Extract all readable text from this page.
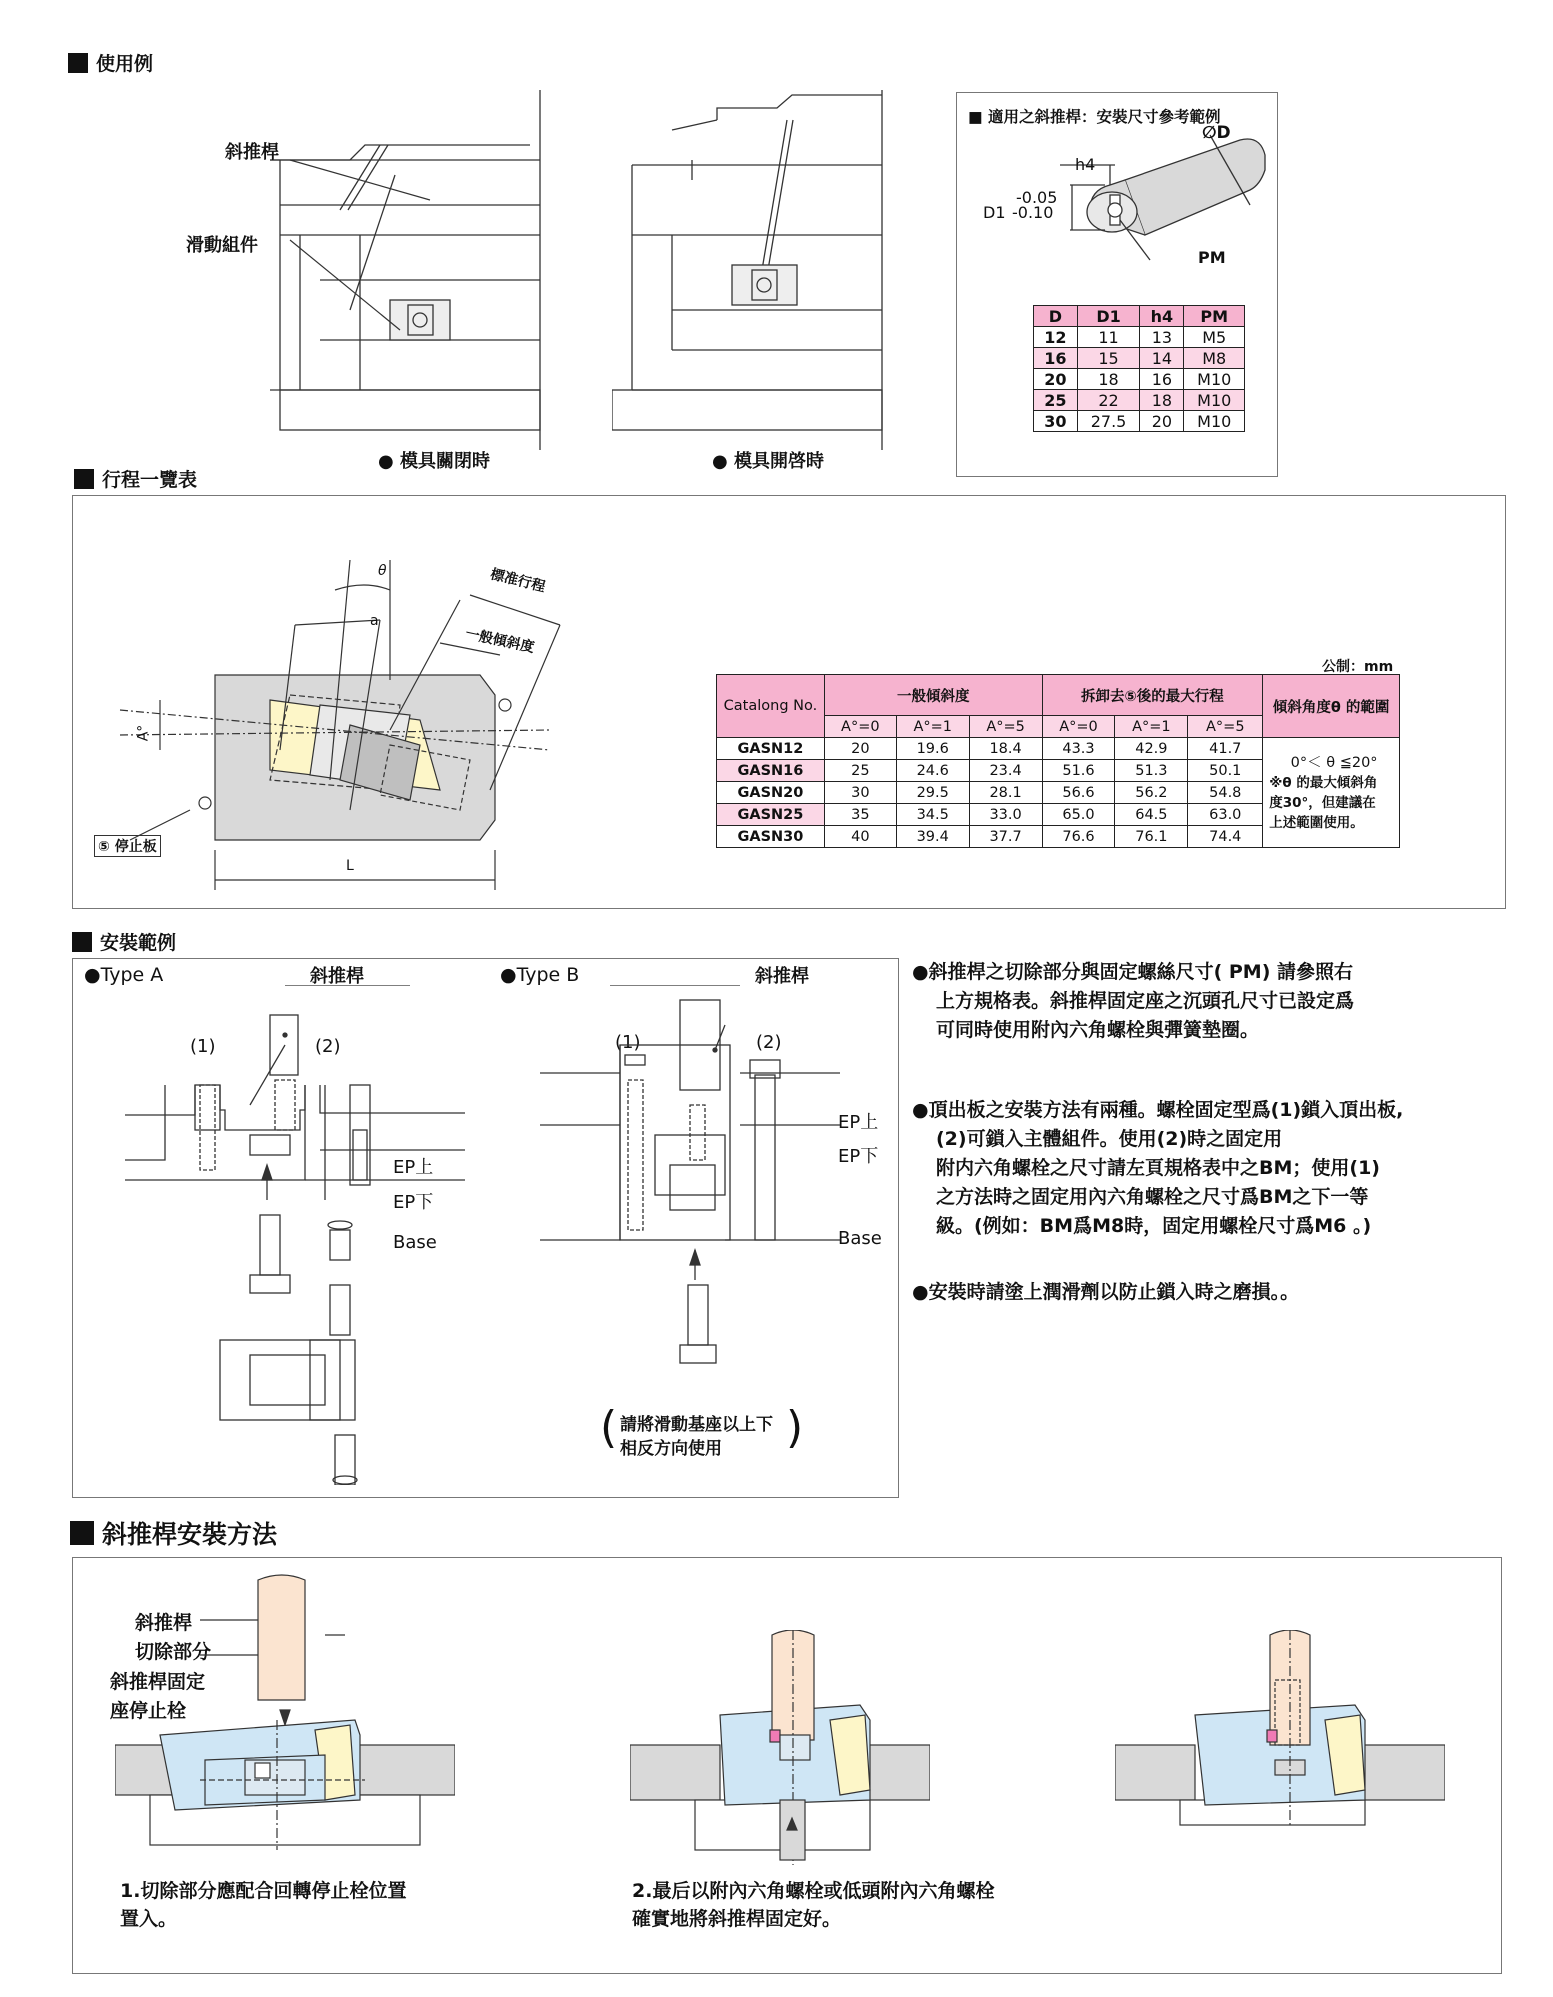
使用例
斜推桿
滑動組件
● 模具關閉時	● 模具開啓時
■ 適用之斜推桿：安裝尺寸參考範例
∅D
h4
-0.05
D1 -0.10
PM
D	D1	h4	PM
12	11	13	M5
16	15	14	M8
20	18	16	M10
25	22	18	M10
30	27.5	20	M10
行程一覽表
θ	標准行程
a
一般傾斜度
A°
⑤ 停止板
L
公制：mm
Catalong No.	一般傾斜度			拆卸去⑤後的最大行程			傾斜角度θ 的範圍
	A°=0	A°=1	A°=5	A°=0	A°=1	A°=5	
GASN12	20	19.6	18.4	43.3	42.9	41.7	0°＜ θ ≦20°
※θ 的最大傾斜角
度30°，但建議在
上述範圍使用。

GASN16	25	24.6	23.4	51.6	51.3	50.1	
GASN20	30	29.5	28.1	56.6	56.2	54.8	
GASN25	35	34.5	33.0	65.0	64.5	63.0	
GASN30	40	39.4	37.7	76.6	76.1	74.4	
安裝範例
●Type A	斜推桿
(1)	(2)
EP上
EP下
Base
●Type B	斜推桿
(1)	(2)
EP上
EP下
Base
(	)
請將滑動基座以上下
相反方向使用
●斜推桿之切除部分與固定螺絲尺寸( PM) 請參照右
上方規格表。斜推桿固定座之沉頭孔尺寸已設定爲
可同時使用附內六角螺栓與彈簧墊圈。
●頂出板之安裝方法有兩種。螺栓固定型爲(1)鎖入頂出板,
(2)可鎖入主體組件。使用(2)時之固定用
附内六角螺栓之尺寸請左頁規格表中之BM；使用(1)
之方法時之固定用內六角螺栓之尺寸爲BM之下一等
級。(例如：BM爲M8時，固定用螺栓尺寸爲M6 。)
●安裝時請塗上潤滑劑以防止鎖入時之磨損。。
斜推桿安裝方法
斜推桿
切除部分
斜推桿固定
座停止栓
1.切除部分應配合回轉停止栓位置
置入。
2.最后以附內六角螺栓或低頭附內六角螺栓
確實地將斜推桿固定好。
